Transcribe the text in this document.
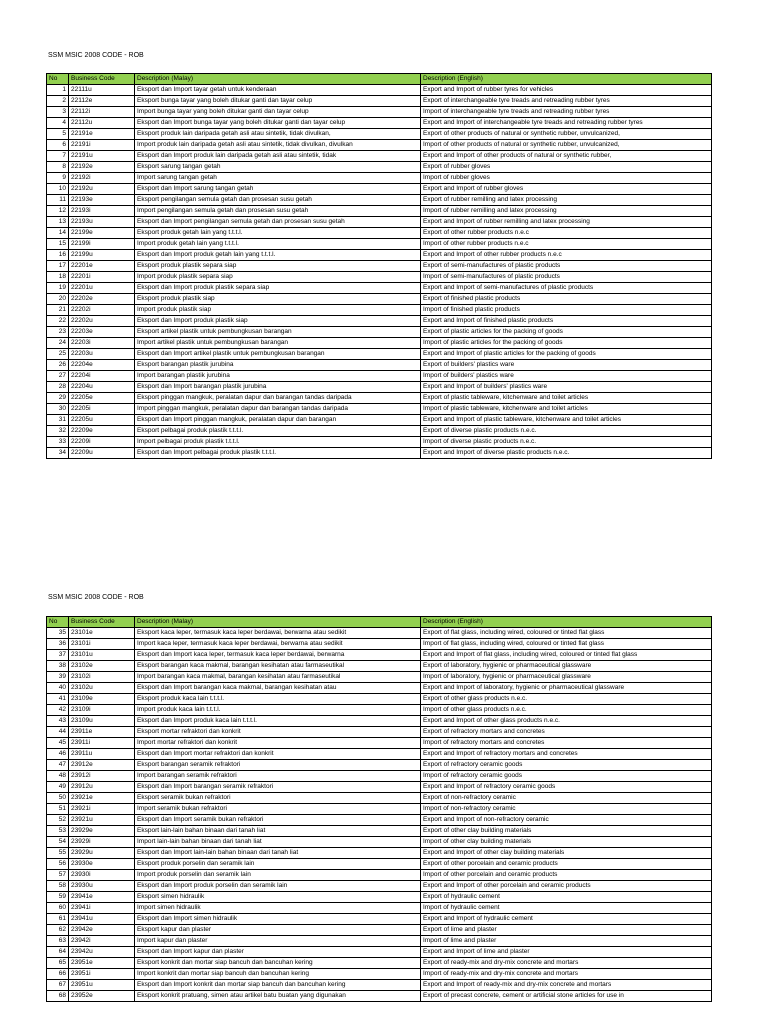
SSM MSIC 2008 CODE - ROB
No	Business Code	Description (Malay)	Description (English)
1	22111u	Eksport dan Import tayar getah untuk kenderaan	Export and Import of rubber tyres for vehicles
2	22112e	Eksport bunga tayar yang boleh ditukar ganti dan tayar celup	Export of interchangeable tyre treads and retreading rubber tyres
3	22112i	Import bunga tayar yang boleh ditukar ganti dan tayar celup	Import of interchangeable tyre treads and retreading rubber tyres
4	22112u	Eksport dan Import bunga tayar yang boleh ditukar ganti dan tayar celup	Export and Import of interchangeable tyre treads and retreading rubber tyres
5	22191e	Eksport produk lain daripada getah asli atau sintetik, tidak divulkan,	Export of other products of natural or synthetic rubber, unvulcanized,
6	22191i	Import produk lain daripada getah asli atau sintetik, tidak divulkan, divulkan	Import of other products of natural or synthetic rubber, unvulcanized,
7	22191u	Eksport dan Import produk lain daripada getah asli atau sintetik, tidak	Export and Import of other products of natural or synthetic rubber,
8	22192e	Eksport sarung tangan getah	Export of rubber gloves
9	22192i	Import sarung tangan getah	Import of rubber gloves
10	22192u	Eksport dan Import sarung tangan getah	Export and Import of rubber gloves
11	22193e	Eksport pengilangan semula getah dan prosesan susu getah	Export of rubber remilling and latex processing
12	22193i	Import pengilangan semula getah dan prosesan susu getah	Import of rubber remilling and latex processing
13	22193u	Eksport dan Import pengilangan semula getah dan prosesan susu getah	Export and Import of rubber remilling and latex processing
14	22199e	Eksport produk getah lain yang t.t.t.l.	Export of other rubber products n.e.c
15	22199i	Import produk getah lain yang t.t.t.l.	Import of other rubber products n.e.c
16	22199u	Eksport dan Import produk getah lain yang t.t.t.l.	Export and Import of other rubber products n.e.c
17	22201e	Eksport produk plastik separa siap	Export of semi-manufactures of plastic products
18	22201i	Import produk plastik separa siap	Import of semi-manufactures of plastic products
19	22201u	Eksport dan Import produk plastik separa siap	Export and Import of semi-manufactures of plastic products
20	22202e	Eksport produk plastik siap	Export of finished plastic products
21	22202i	Import produk plastik siap	Import of finished plastic products
22	22202u	Eksport dan Import produk plastik siap	Export and Import of finished plastic products
23	22203e	Eksport artikel plastik untuk pembungkusan barangan	Export of plastic articles for the packing of goods
24	22203i	Import artikel plastik untuk pembungkusan barangan	Import of plastic articles for the packing of goods
25	22203u	Eksport dan Import artikel plastik untuk pembungkusan barangan	Export and Import of plastic articles for the packing of goods
26	22204e	Eksport barangan plastik jurubina	Export of builders' plastics ware
27	22204i	Import barangan plastik jurubina	Import of builders' plastics ware
28	22204u	Eksport dan Import barangan plastik jurubina	Export and Import of builders' plastics ware
29	22205e	Eksport pinggan mangkuk, peralatan dapur dan barangan tandas daripada	Export of plastic tableware, kitchenware and toilet articles
30	22205i	Import pinggan mangkuk, peralatan dapur dan barangan tandas daripada	Import of plastic tableware, kitchenware and toilet articles
31	22205u	Eksport dan Import pinggan mangkuk, peralatan dapur dan barangan	Export and Import of plastic tableware, kitchenware and toilet articles
32	22209e	Eksport pelbagai produk plastik t.t.t.l.	Export of diverse plastic products n.e.c.
33	22209i	Import pelbagai produk plastik t.t.t.l.	Import of diverse plastic products n.e.c.
34	22209u	Eksport dan Import pelbagai produk plastik t.t.t.l.	Export and Import of diverse plastic products n.e.c.
SSM MSIC 2008 CODE - ROB
No	Business Code	Description (Malay)	Description (English)
35	23101e	Eksport kaca leper, termasuk kaca leper berdawai, berwarna atau sedikit	Export of flat glass, including wired, coloured or tinted flat glass
36	23101i	Import kaca leper, termasuk kaca leper berdawai, berwarna atau sedikit	Import of flat glass, including wired, coloured or tinted flat glass
37	23101u	Eksport dan Import kaca leper, termasuk kaca leper berdawai, berwarna	Export and Import of flat glass, including wired, coloured or tinted flat glass
38	23102e	Eksport barangan kaca makmal, barangan kesihatan atau farmaseutikal	Export of laboratory, hygienic or pharmaceutical glassware
39	23102i	Import barangan kaca makmal, barangan kesihatan atau farmaseutikal	Import of laboratory, hygienic or pharmaceutical glassware
40	23102u	Eksport dan Import barangan kaca makmal, barangan kesihatan atau	Export and Import of laboratory, hygienic or pharmaceutical glassware
41	23109e	Eksport produk kaca lain t.t.t.l.	Export of other glass products n.e.c.
42	23109i	Import produk kaca lain t.t.t.l.	Import of other glass products n.e.c.
43	23109u	Eksport dan Import produk kaca lain t.t.t.l.	Export and Import of other glass products n.e.c.
44	23911e	Eksport mortar refraktori dan konkrit	Export of refractory mortars and concretes
45	23911i	Import mortar refraktori dan konkrit	Import of refractory mortars and concretes
46	23911u	Eksport dan Import mortar refraktori dan konkrit	Export and Import of refractory mortars and concretes
47	23912e	Eksport barangan seramik refraktori	Export of refractory ceramic goods
48	23912i	Import barangan seramik refraktori	Import of refractory ceramic goods
49	23912u	Eksport dan Import barangan seramik refraktori	Export and Import of refractory ceramic goods
50	23921e	Eksport seramik bukan refraktori	Export of non-refractory ceramic
51	23921i	Import seramik bukan refraktori	Import of non-refractory ceramic
52	23921u	Eksport dan Import seramik bukan refraktori	Export and Import of non-refractory ceramic
53	23929e	Eksport lain-lain bahan binaan dari tanah liat	Export of other clay building materials
54	23929i	Import lain-lain bahan binaan dari tanah liat	Import of other clay building materials
55	23929u	Eksport dan Import lain-lain bahan binaan dari tanah liat	Export and Import of other clay building materials
56	23930e	Eksport produk porselin dan seramik lain	Export of other porcelain and ceramic products
57	23930i	Import produk porselin dan seramik lain	Import of other porcelain and ceramic products
58	23930u	Eksport dan Import produk porselin dan seramik lain	Export and Import of other porcelain and ceramic products
59	23941e	Eksport simen hidraulik	Export of hydraulic cement
60	23941i	Import simen hidraulik	Import of hydraulic cement
61	23941u	Eksport dan Import simen hidraulik	Export and Import of hydraulic cement
62	23942e	Eksport kapur dan plaster	Export of lime and plaster
63	23942i	Import kapur dan plaster	Import of lime and plaster
64	23942u	Eksport dan Import kapur dan plaster	Export and Import of lime and plaster
65	23951e	Eksport konkrit dan mortar siap bancuh dan bancuhan kering	Export of ready-mix and dry-mix concrete and mortars
66	23951i	Import konkrit dan mortar siap bancuh dan bancuhan kering	Import of ready-mix and dry-mix concrete and mortars
67	23951u	Eksport dan Import konkrit dan mortar siap bancuh dan bancuhan kering	Export and Import of ready-mix and dry-mix concrete and mortars
68	23952e	Eksport konkrit pratuang, simen atau artikel batu buatan yang digunakan	Export of precast concrete, cement or artificial stone articles for use in
